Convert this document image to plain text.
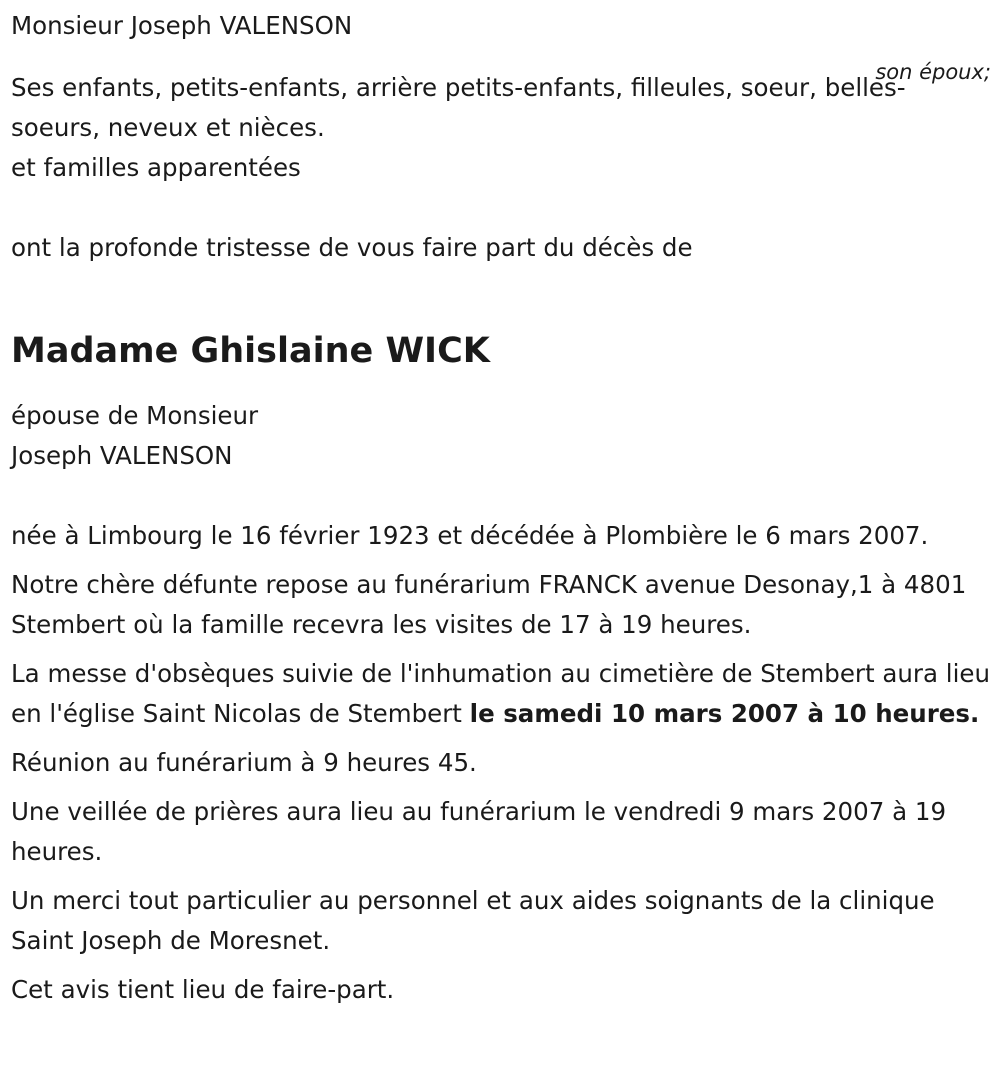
Monsieur Joseph VALENSON

son époux;

Ses enfants, petits-enfants, arrière petits-enfants, filleules, soeur, belles-

soeurs, neveux et nièces.

et familles apparentées

ont la profonde tristesse de vous faire part du décès de

Madame Ghislaine WICK

épouse de Monsieur

Joseph VALENSON

née à Limbourg le 16 février 1923 et décédée à Plombière le 6 mars 2007.

Notre chère défunte repose au funérarium FRANCK avenue Desonay,1 à 4801 Stembert où la famille recevra les visites de 17 à 19 heures.

La messe d'obsèques suivie de l'inhumation au cimetière de Stembert aura lieu en l'église Saint Nicolas de Stembert le samedi 10 mars 2007 à 10 heures.

Réunion au funérarium à 9 heures 45.

Une veillée de prières aura lieu au funérarium le vendredi 9 mars 2007 à 19 heures.

Un merci tout particulier au personnel et aux aides soignants de la clinique Saint Joseph de Moresnet.

Cet avis tient lieu de faire-part.
